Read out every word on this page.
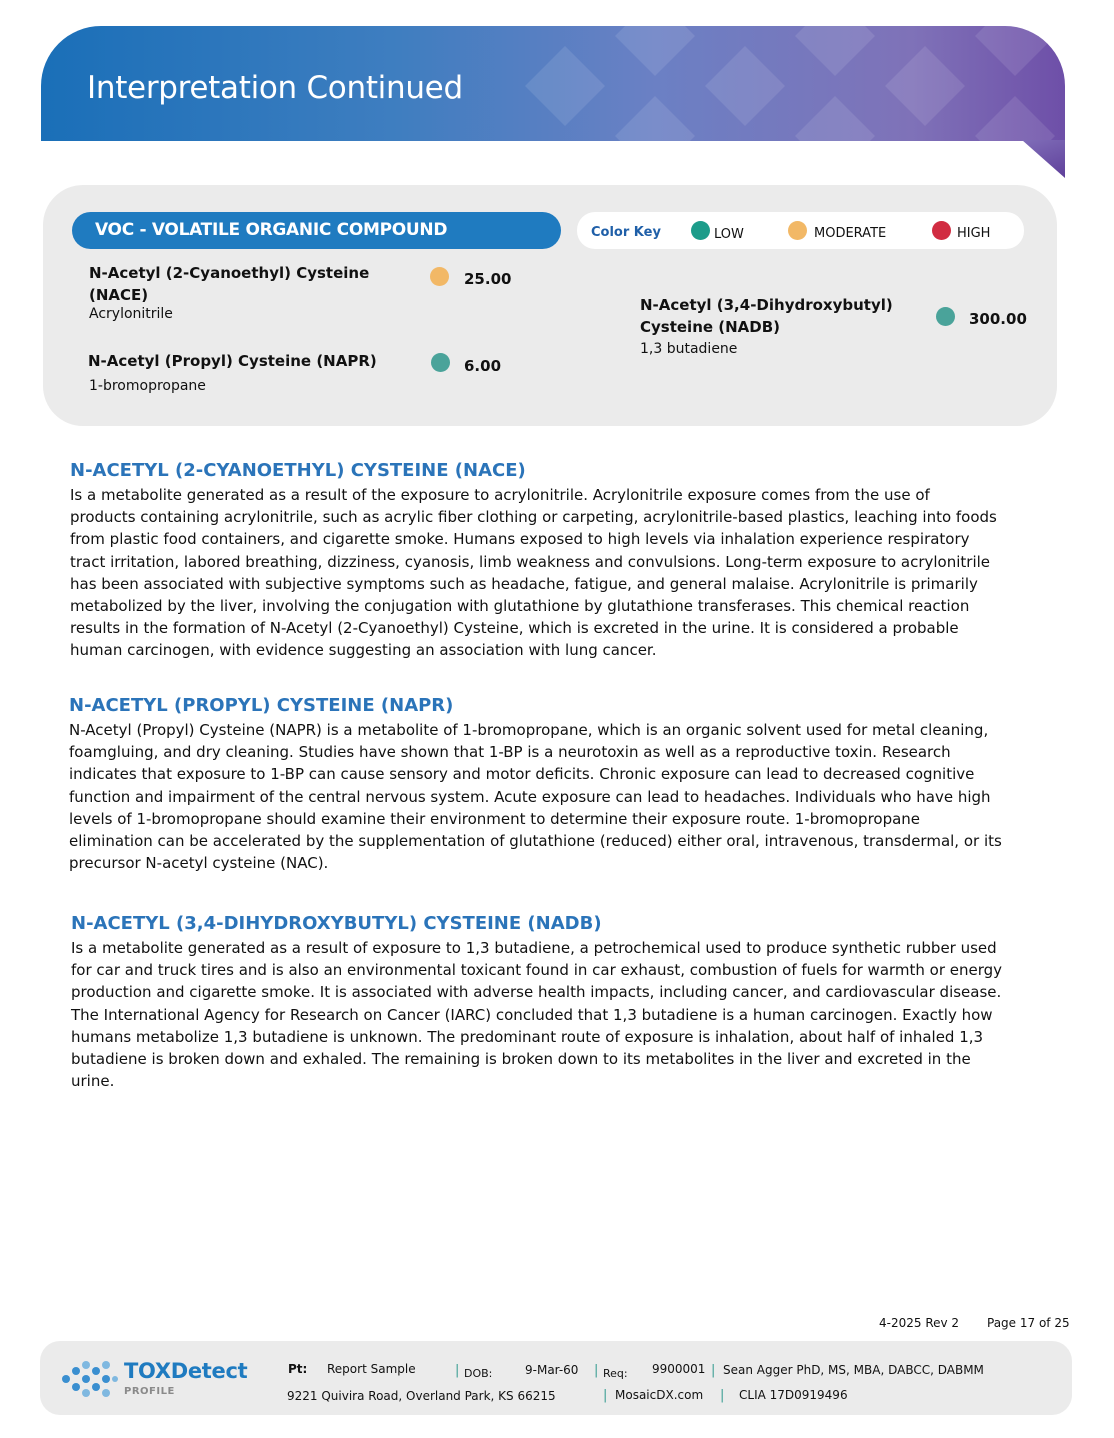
Interpretation Continued
VOC - VOLATILE ORGANIC COMPOUND	Color Key	LOW	MODERATE	HIGH
N-Acetyl (2-Cyanoethyl) Cysteine (NACE)
Acrylonitrile
25.00
N-Acetyl (Propyl) Cysteine (NAPR)
1-bromopropane
6.00
N-Acetyl (3,4-Dihydroxybutyl) Cysteine (NADB)
1,3 butadiene
300.00
N-ACETYL (2-CYANOETHYL) CYSTEINE (NACE)
Is a metabolite generated as a result of the exposure to acrylonitrile. Acrylonitrile exposure comes from the use of
products containing acrylonitrile, such as acrylic fiber clothing or carpeting, acrylonitrile-based plastics, leaching into foods
from plastic food containers, and cigarette smoke. Humans exposed to high levels via inhalation experience respiratory
tract irritation, labored breathing, dizziness, cyanosis, limb weakness and convulsions. Long-term exposure to acrylonitrile
has been associated with subjective symptoms such as headache, fatigue, and general malaise. Acrylonitrile is primarily
metabolized by the liver, involving the conjugation with glutathione by glutathione transferases. This chemical reaction
results in the formation of N-Acetyl (2-Cyanoethyl) Cysteine, which is excreted in the urine. It is considered a probable
human carcinogen, with evidence suggesting an association with lung cancer.
N-ACETYL (PROPYL) CYSTEINE (NAPR)
N-Acetyl (Propyl) Cysteine (NAPR) is a metabolite of 1-bromopropane, which is an organic solvent used for metal cleaning,
foamgluing, and dry cleaning. Studies have shown that 1-BP is a neurotoxin as well as a reproductive toxin. Research
indicates that exposure to 1-BP can cause sensory and motor deficits. Chronic exposure can lead to decreased cognitive
function and impairment of the central nervous system. Acute exposure can lead to headaches. Individuals who have high
levels of 1-bromopropane should examine their environment to determine their exposure route. 1-bromopropane
elimination can be accelerated by the supplementation of glutathione (reduced) either oral, intravenous, transdermal, or its
precursor N-acetyl cysteine (NAC).
N-ACETYL (3,4-DIHYDROXYBUTYL) CYSTEINE (NADB)
Is a metabolite generated as a result of exposure to 1,3 butadiene, a petrochemical used to produce synthetic rubber used
for car and truck tires and is also an environmental toxicant found in car exhaust, combustion of fuels for warmth or energy
production and cigarette smoke. It is associated with adverse health impacts, including cancer, and cardiovascular disease.
The International Agency for Research on Cancer (IARC) concluded that 1,3 butadiene is a human carcinogen. Exactly how
humans metabolize 1,3 butadiene is unknown. The predominant route of exposure is inhalation, about half of inhaled 1,3
butadiene is broken down and exhaled. The remaining is broken down to its metabolites in the liver and excreted in the
urine.
4-2025 Rev 2 Page 17 of 25
TOXDetect
PROFILE
Pt: Report Sample	| DOB:	9-Mar-60 | Req: 9900001 | Sean Agger PhD, MS, MBA, DABCC, DABMM
9221 Quivira Road, Overland Park, KS 66215	| MosaicDX.com | CLIA 17D0919496
